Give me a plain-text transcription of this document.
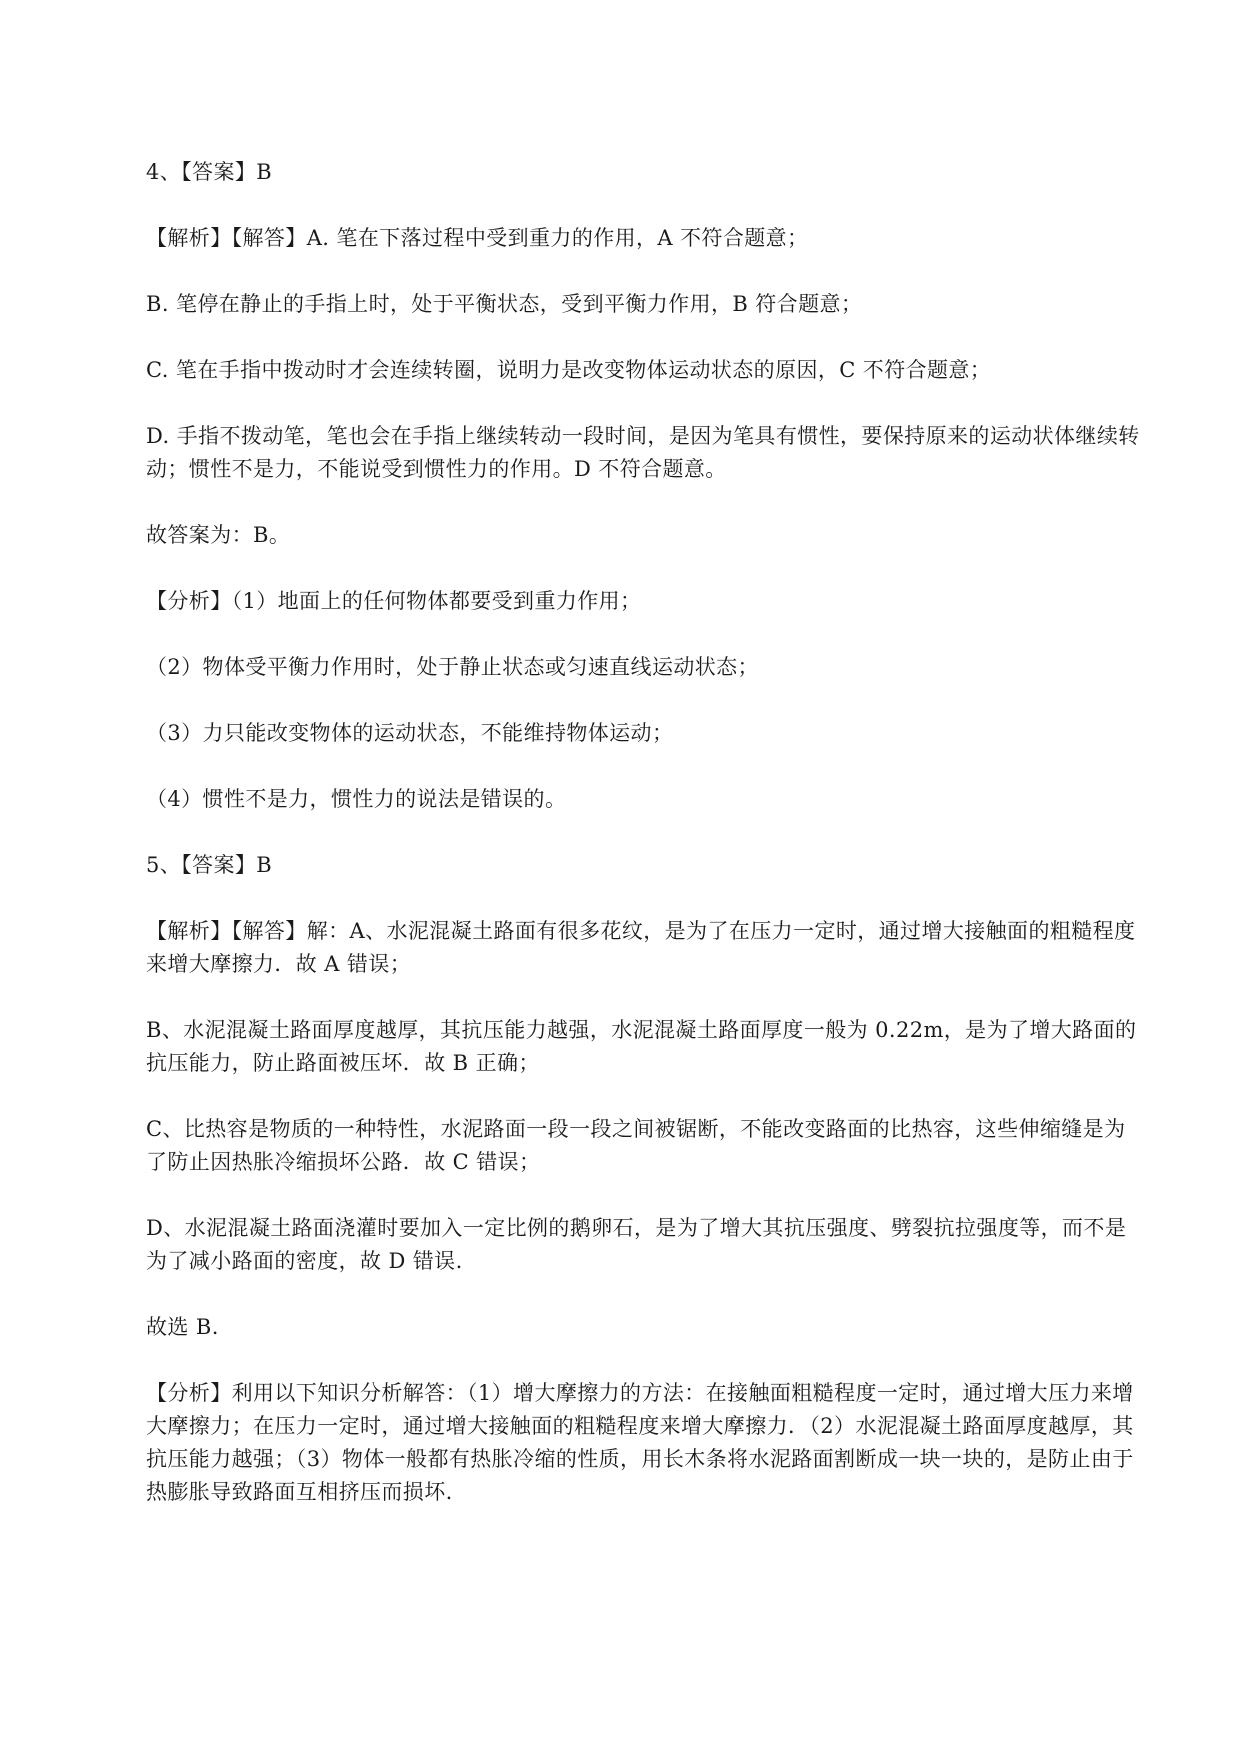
4、【答案】B

【解析】【解答】A. 笔在下落过程中受到重力的作用，A 不符合题意；

B. 笔停在静止的手指上时，处于平衡状态，受到平衡力作用，B 符合题意；

C. 笔在手指中拨动时才会连续转圈，说明力是改变物体运动状态的原因，C 不符合题意；

D. 手指不拨动笔，笔也会在手指上继续转动一段时间，是因为笔具有惯性，要保持原来的运动状体继续转动；惯性不是力，不能说受到惯性力的作用。D 不符合题意。

故答案为：B。

【分析】（1）地面上的任何物体都要受到重力作用；

（2）物体受平衡力作用时，处于静止状态或匀速直线运动状态；

（3）力只能改变物体的运动状态，不能维持物体运动；

（4）惯性不是力，惯性力的说法是错误的。

5、【答案】B

【解析】【解答】解：A、水泥混凝土路面有很多花纹，是为了在压力一定时，通过增大接触面的粗糙程度来增大摩擦力．故 A 错误；

B、水泥混凝土路面厚度越厚，其抗压能力越强，水泥混凝土路面厚度一般为 0.22m，是为了增大路面的抗压能力，防止路面被压坏．故 B 正确；

C、比热容是物质的一种特性，水泥路面一段一段之间被锯断，不能改变路面的比热容，这些伸缩缝是为了防止因热胀冷缩损坏公路．故 C 错误；

D、水泥混凝土路面浇灌时要加入一定比例的鹅卵石，是为了增大其抗压强度、劈裂抗拉强度等，而不是为了减小路面的密度，故 D 错误.

故选 B.

【分析】利用以下知识分析解答：（1）增大摩擦力的方法：在接触面粗糙程度一定时，通过增大压力来增大摩擦力；在压力一定时，通过增大接触面的粗糙程度来增大摩擦力．（2）水泥混凝土路面厚度越厚，其抗压能力越强；（3）物体一般都有热胀冷缩的性质，用长木条将水泥路面割断成一块一块的，是防止由于热膨胀导致路面互相挤压而损坏.
